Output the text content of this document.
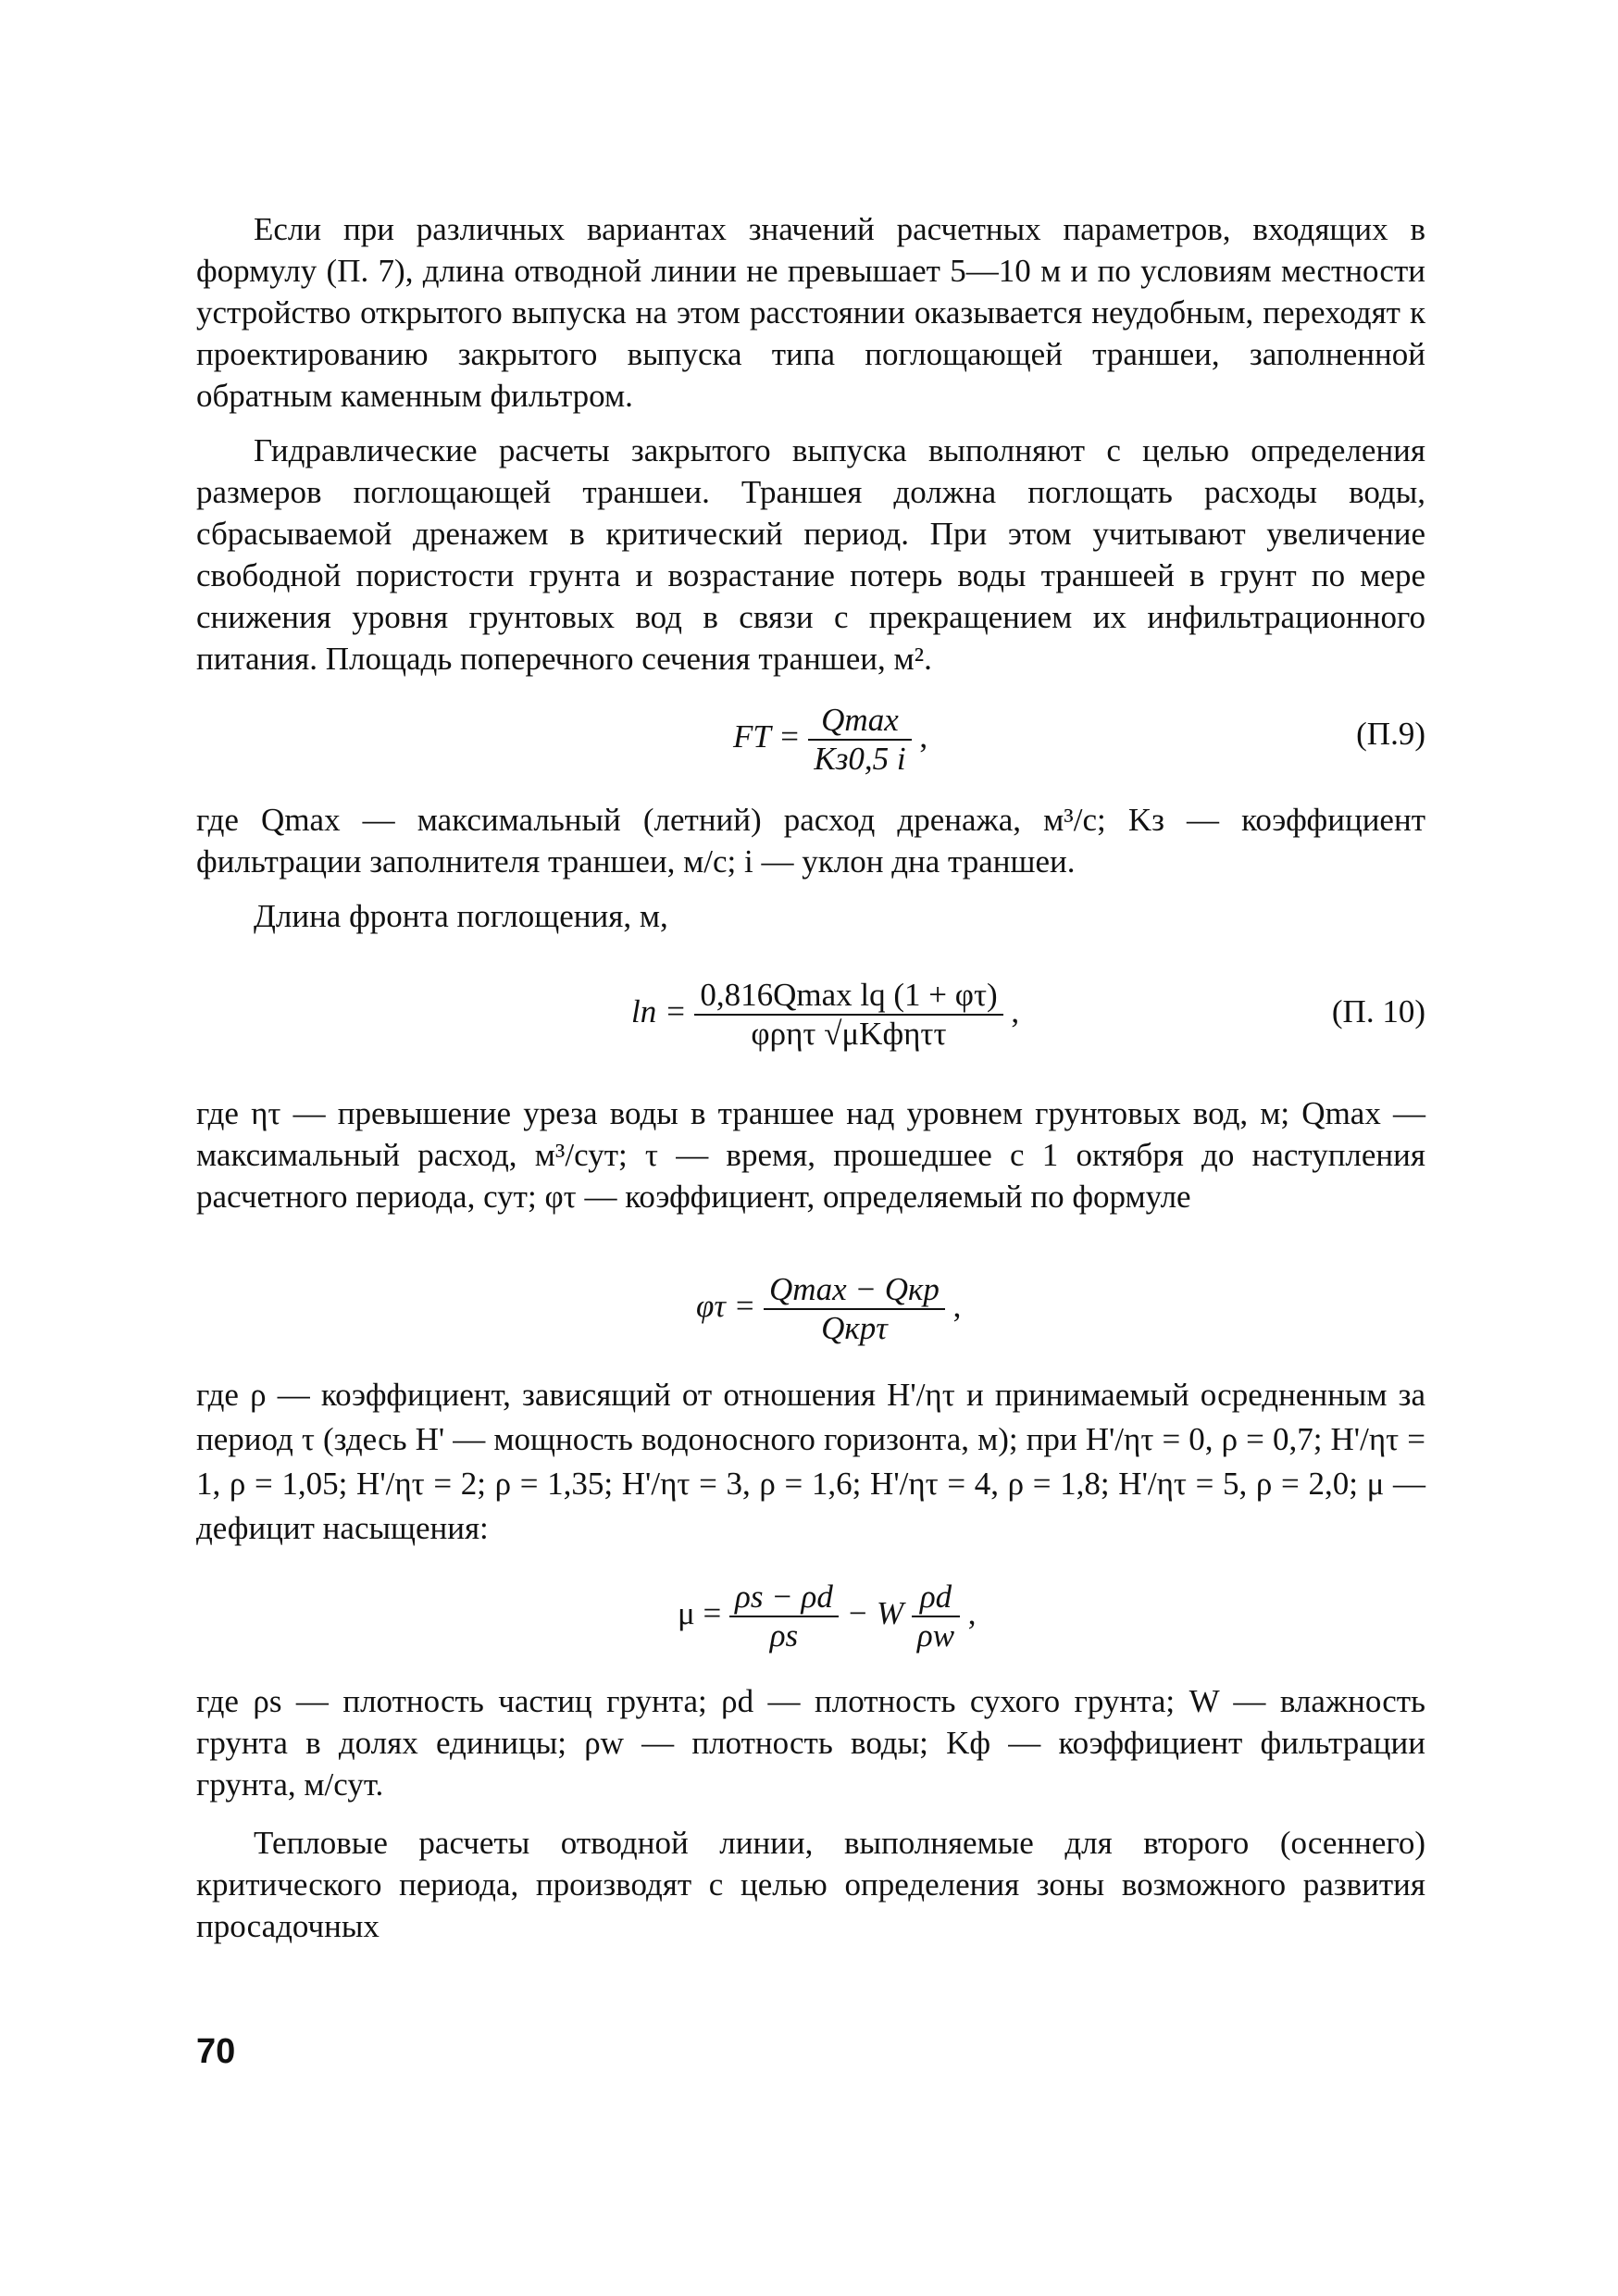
Если при различных вариантах значений расчетных параметров, входящих в формулу (П. 7), длина отводной линии не превышает 5—10 м и по условиям местности устройство открытого выпуска на этом расстоянии оказывается неудобным, переходят к проектированию закрытого выпуска типа поглощающей траншеи, заполненной обратным каменным фильтром.

Гидравлические расчеты закрытого выпуска выполняют с целью определения размеров поглощающей траншеи. Траншея должна поглощать расходы воды, сбрасываемой дренажем в критический период. При этом учитывают увеличение свободной пористости грунта и возрастание потерь воды траншеей в грунт по мере снижения уровня грунтовых вод в связи с прекращением их инфильтрационного питания. Площадь поперечного сечения траншеи, м².

FT = $\frac{Qmax}{Kз0,5 i}$ ,	(П.9)

где Qmax — максимальный (летний) расход дренажа, м³/с; Kз — коэффициент фильтрации заполнителя траншеи, м/с; i — уклон дна траншеи.

Длина фронта поглощения, м,

lп = $\frac{\text{0,816Qmax lq (1 + φτ)}}{\text{φρητ √μKфηττ}}$ ,	(П. 10)

где ητ — превышение уреза воды в траншее над уровнем грунтовых вод, м; Qmax — максимальный расход, м³/сут; τ — время, прошедшее с 1 октября до наступления расчетного периода, сут; φτ — коэффициент, определяемый по формуле

$\varphi\tau = \frac{\text{Qmax − Qкр}}{\text{Qкрτ}}$ ,

где ρ — коэффициент, зависящий от отношения H'/ητ и принимаемый осредненным за период τ (здесь H' — мощность водоносного горизонта, м); при H'/ητ = 0, ρ = 0,7; H'/ητ = 1, ρ = 1,05; H'/ητ = 2; ρ = 1,35; H'/ητ = 3, ρ = 1,6; H'/ητ = 4, ρ = 1,8; H'/ητ = 5, ρ = 2,0; μ — дефицит насыщения:

$\mu = \frac{\rho s - \rho d}{\rho s} - W \frac{\rho d}{\rho w}$ ,

где ρs — плотность частиц грунта; ρd — плотность сухого грунта; W — влажность грунта в долях единицы; ρw — плотность воды; Kф — коэффициент фильтрации грунта, м/сут.

Тепловые расчеты отводной линии, выполняемые для второго (осеннего) критического периода, производят с целью определения зоны возможного развития просадочных

70
